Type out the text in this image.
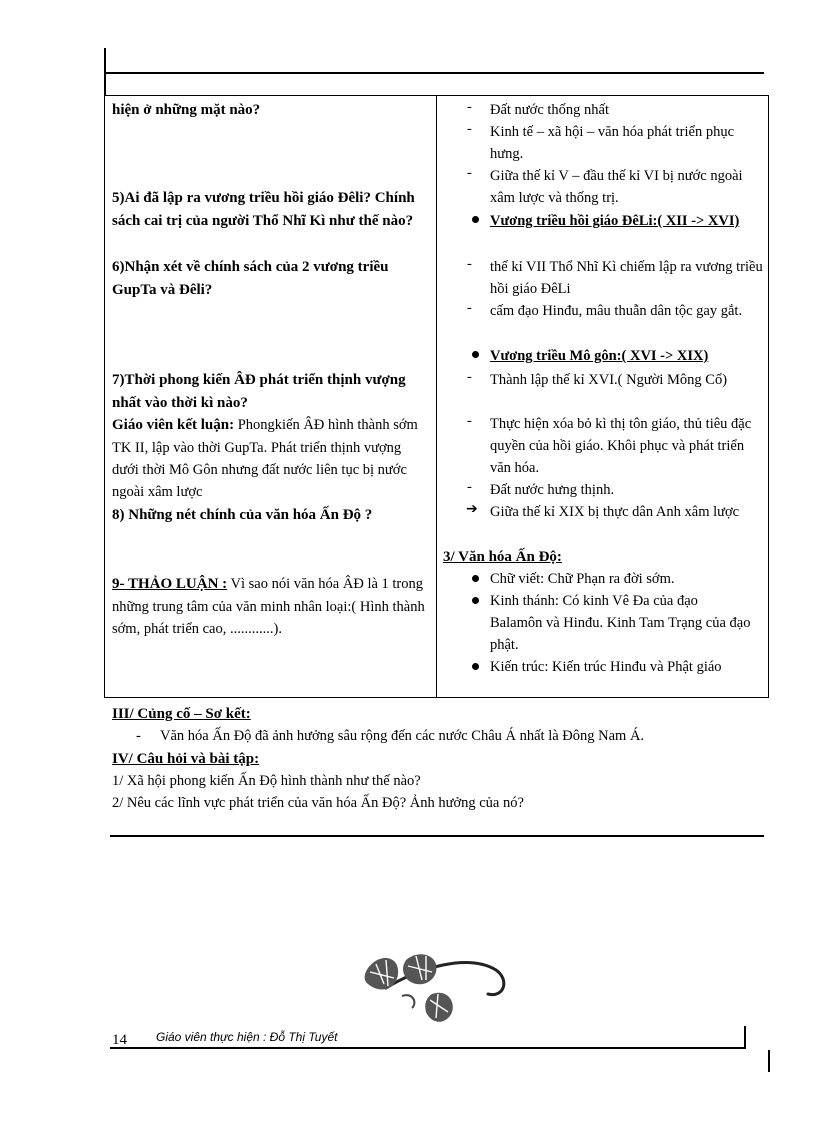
hiện ở những mặt nào?
5)Ai đã lập ra vương triều hồi giáo Đêli? Chính sách cai trị của người Thổ Nhĩ Kì như thế nào?
6)Nhận xét về chính sách của 2 vương triều GupTa và Đêli?
7)Thời phong kiến ÂĐ phát triển thịnh vượng nhất vào thời kì nào?
Giáo viên kết luận: Phongkiến ÂĐ hình thành sớm TK II, lập vào thời GupTa. Phát triển thịnh vượng dưới thời Mô Gôn nhưng đất nước liên tục bị nước ngoài xâm lược
8) Những nét chính của văn hóa Ấn Độ ?
9- THẢO LUẬN : Vì sao nói văn hóa ÂĐ là 1 trong những trung tâm của văn minh nhân loại:( Hình thành sớm, phát triển cao, ............).
- Đất nước thống nhất
- Kinh tế – xã hội – văn hóa phát triển phục hưng.
- Giữa thế kỉ V – đầu thế kỉ VI bị nước ngoài xâm lược và thống trị.
Vương triều hồi giáo ĐêLi:( XII -> XVI)
- thế kỉ VII Thổ Nhĩ Kì chiếm lập ra vương triều hồi giáo ĐêLi
- cấm đạo Hinđu, mâu thuẫn dân tộc gay gắt.
Vương triều Mô gôn:( XVI -> XIX)
- Thành lập thế kỉ XVI.( Người Mông Cổ)
- Thực hiện xóa bỏ kì thị tôn giáo, thủ tiêu đặc quyền của hồi giáo. Khôi phục và phát triển văn hóa.
- Đất nước hưng thịnh.
➔ Giữa thế kỉ XIX bị thực dân Anh xâm lược
3/ Văn hóa Ấn Độ:
Chữ viết: Chữ Phạn ra đời sớm.
Kinh thánh: Có kinh Vê Đa của đạo Balamôn và Hinđu. Kinh Tam Trạng của đạo phật.
Kiến trúc: Kiến trúc Hinđu và Phật giáo
III/ Củng cố – Sơ kết:
- Văn hóa Ấn Độ đã ảnh hưởng sâu rộng đến các nước Châu Á nhất là Đông Nam Á.
IV/ Câu hỏi và bài tập:
1/ Xã hội phong kiến Ấn Độ hình thành như thế nào?
2/ Nêu các lĩnh vực phát triển của văn hóa Ấn Độ? Ảnh hưởng của nó?
14 Giáo viên thực hiện : Đỗ Thị Tuyết
